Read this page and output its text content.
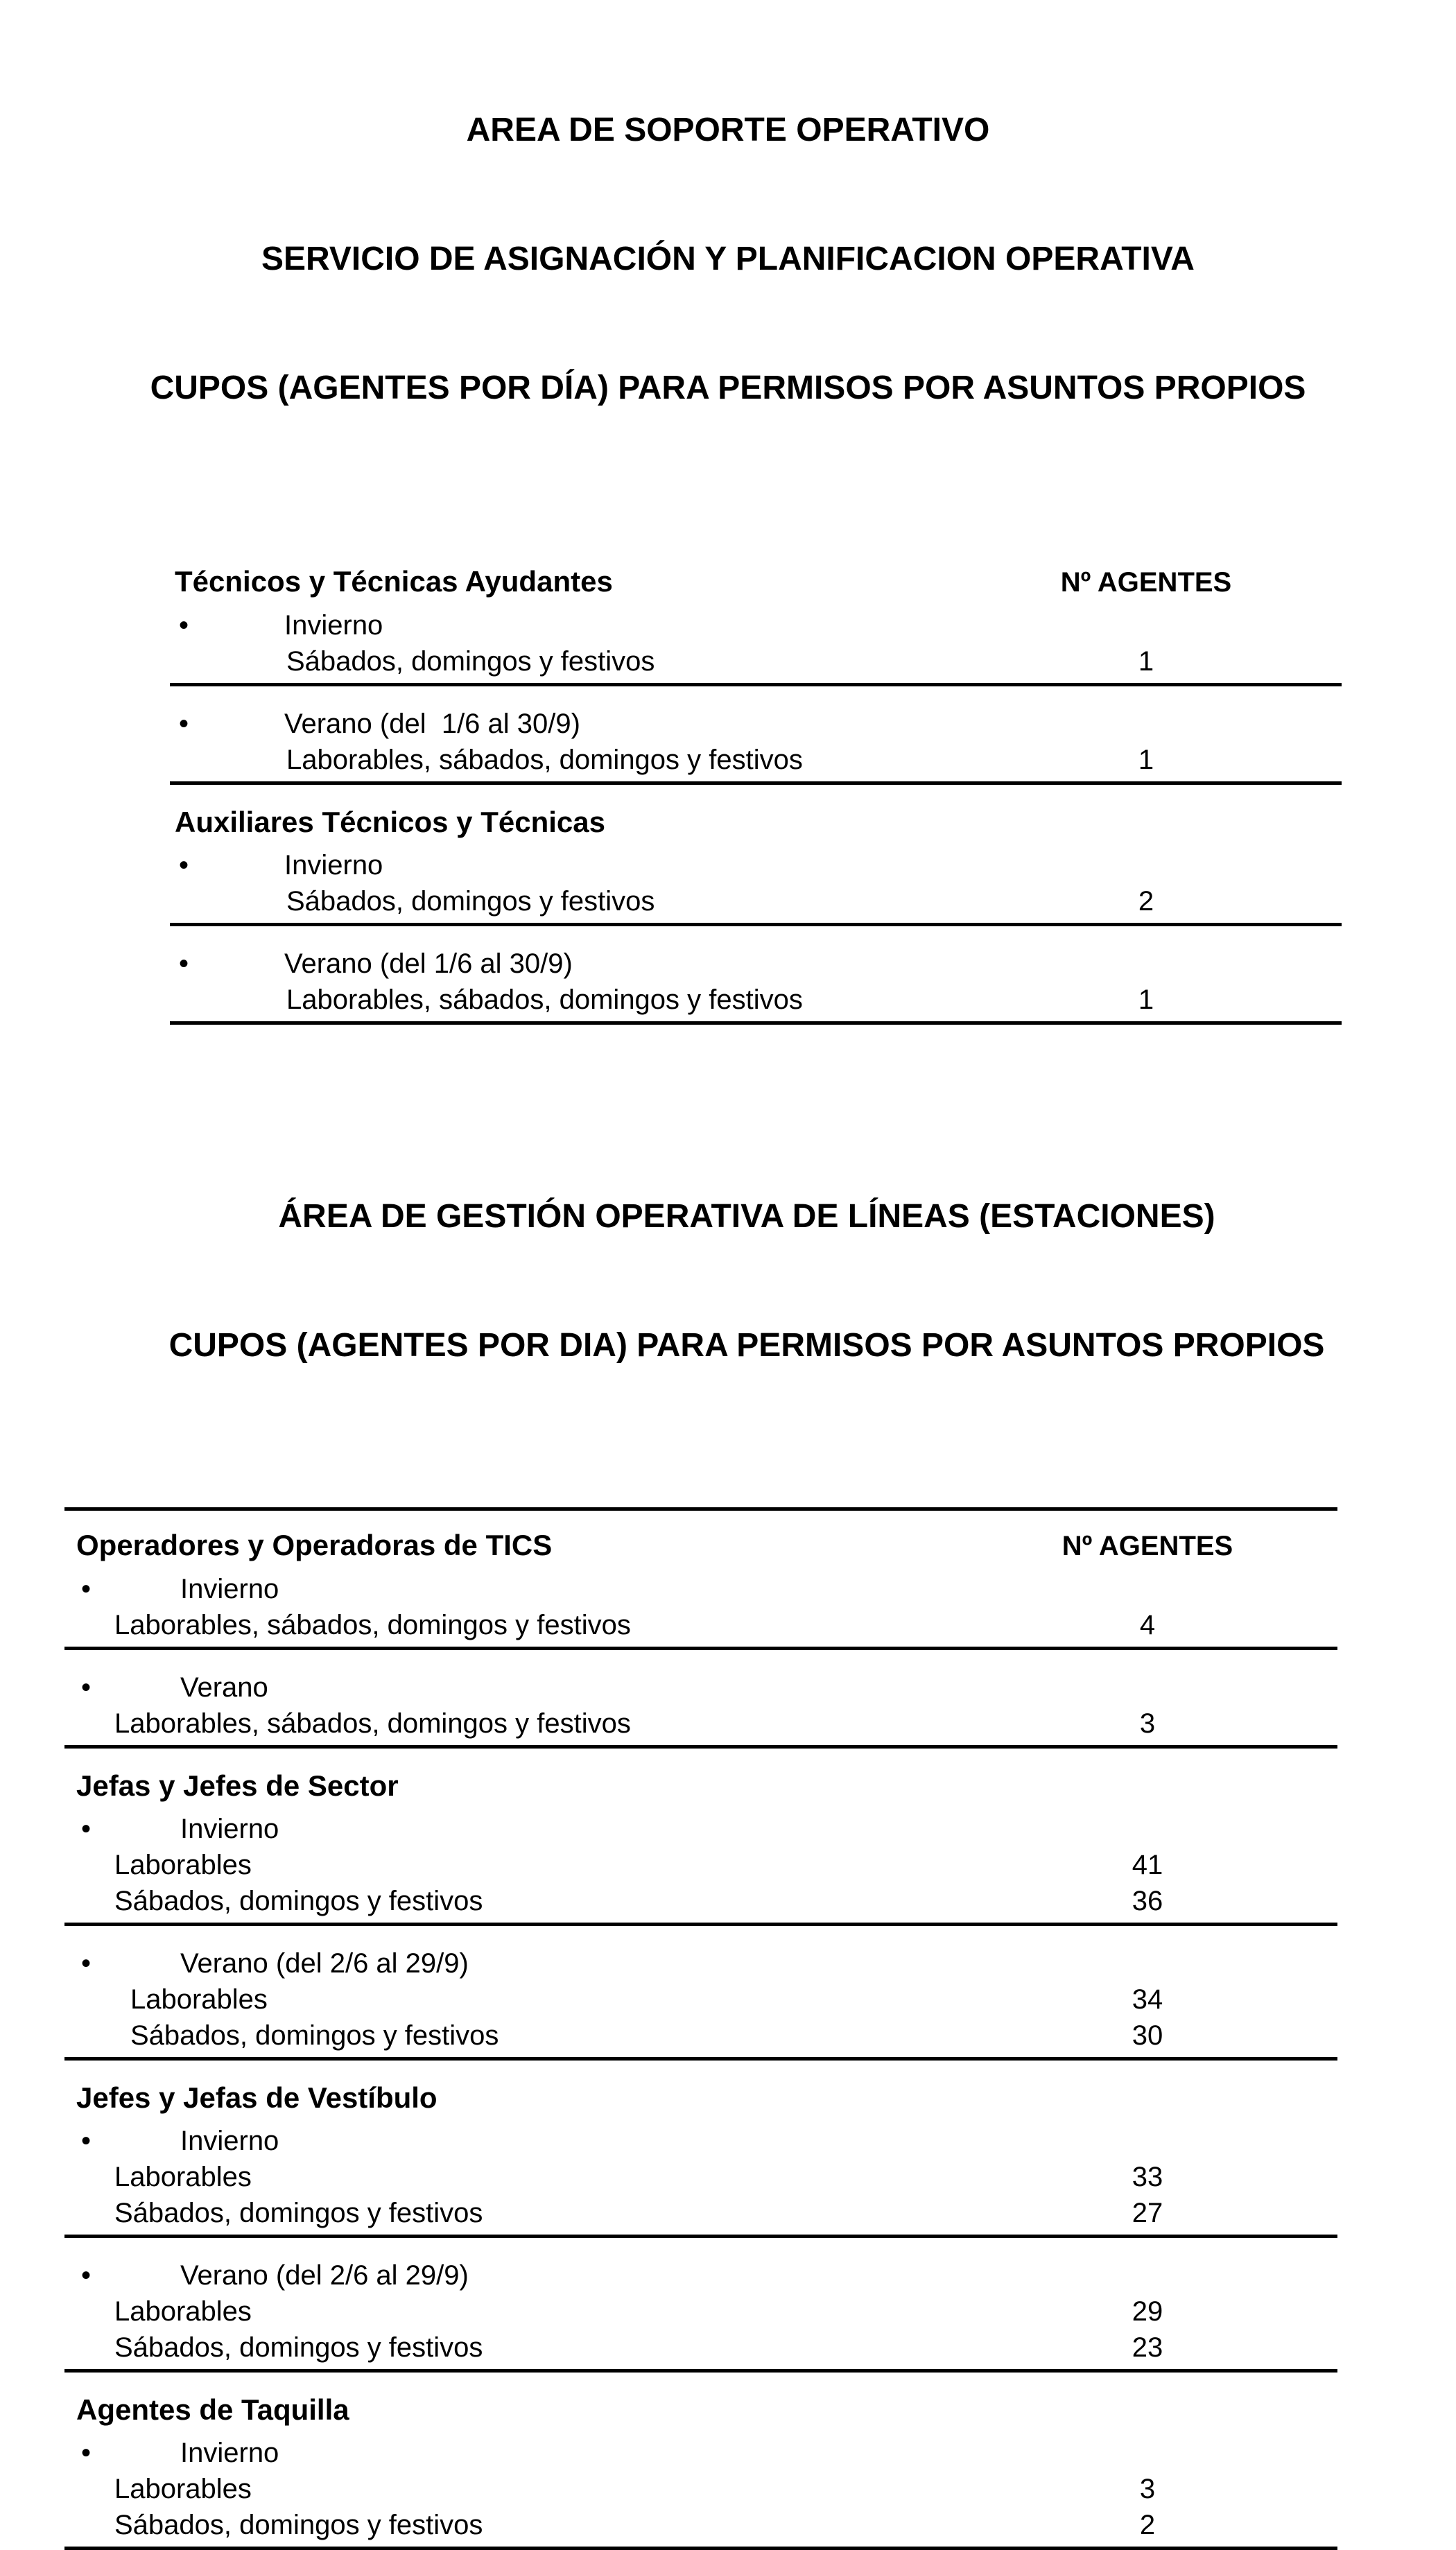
AREA DE SOPORTE OPERATIVO

SERVICIO DE ASIGNACIÓN Y PLANIFICACION OPERATIVA

CUPOS (AGENTES POR DÍA) PARA PERMISOS POR ASUNTOS PROPIOS

Técnicos y Técnicas Ayudantes	Nº AGENTES
•	Invierno
Sábados, domingos y festivos	1
•	Verano (del  1/6 al 30/9)
Laborables, sábados, domingos y festivos	1
Auxiliares Técnicos y Técnicas
•	Invierno
Sábados, domingos y festivos	2
•	Verano (del 1/6 al 30/9)
Laborables, sábados, domingos y festivos	1

ÁREA DE GESTIÓN OPERATIVA DE LÍNEAS (ESTACIONES)

CUPOS (AGENTES POR DIA) PARA PERMISOS POR ASUNTOS PROPIOS

Operadores y Operadoras de TICS	Nº AGENTES
•	Invierno
Laborables, sábados, domingos y festivos	4
•	Verano
Laborables, sábados, domingos y festivos	3
Jefas y Jefes de Sector
•	Invierno
Laborables	41
Sábados, domingos y festivos	36
•	Verano (del 2/6 al 29/9)
Laborables	34
Sábados, domingos y festivos	30
Jefes y Jefas de Vestíbulo
•	Invierno
Laborables	33
Sábados, domingos y festivos	27
•	Verano (del 2/6 al 29/9)
Laborables	29
Sábados, domingos y festivos	23
Agentes de Taquilla
•	Invierno
Laborables	3
Sábados, domingos y festivos	2
